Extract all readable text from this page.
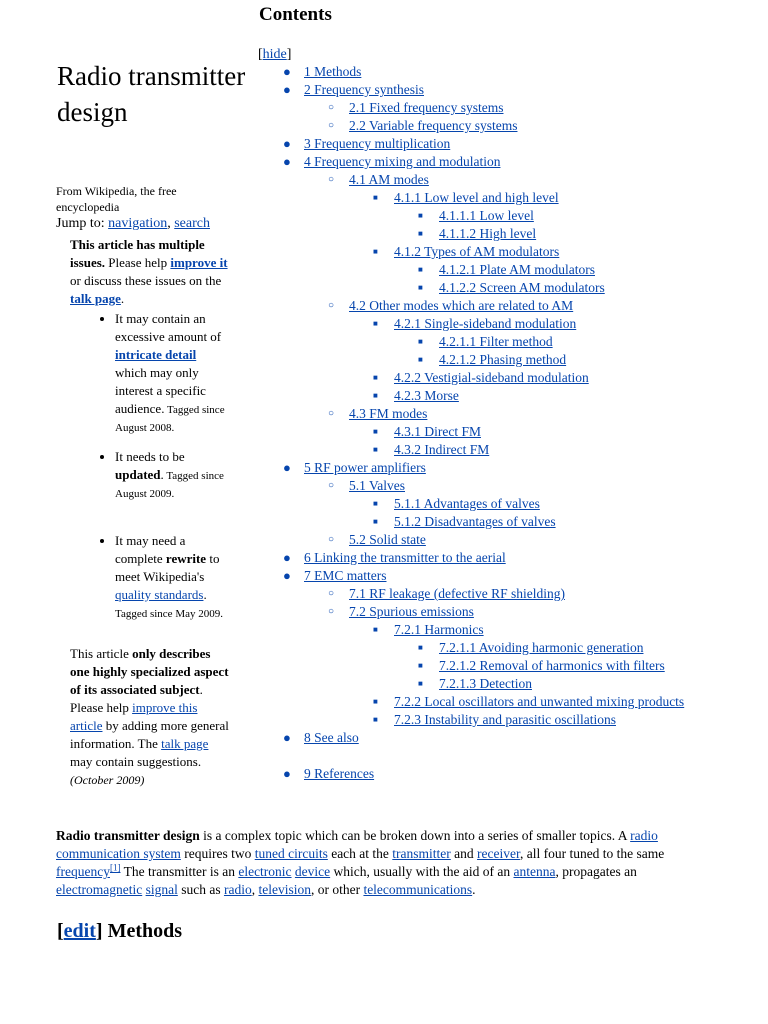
Radio transmitter design
From Wikipedia, the free encyclopedia
Jump to: navigation, search
This article has multiple issues. Please help improve it or discuss these issues on the talk page.
• It may contain an excessive amount of intricate detail which may only interest a specific audience. Tagged since August 2008.
• It needs to be updated. Tagged since August 2009.

• It may need a complete rewrite to meet Wikipedia's quality standards. Tagged since May 2009.
This article only describes one highly specialized aspect of its associated subject. Please help improve this article by adding more general information. The talk page may contain suggestions. (October 2009)
Contents
[hide]
● 1 Methods
● 2 Frequency synthesis
○ 2.1 Fixed frequency systems
○ 2.2 Variable frequency systems
● 3 Frequency multiplication
● 4 Frequency mixing and modulation
○ 4.1 AM modes
■ 4.1.1 Low level and high level
■ 4.1.1.1 Low level
■ 4.1.1.2 High level
■ 4.1.2 Types of AM modulators
■ 4.1.2.1 Plate AM modulators
■ 4.1.2.2 Screen AM modulators
○ 4.2 Other modes which are related to AM
■ 4.2.1 Single-sideband modulation
■ 4.2.1.1 Filter method
■ 4.2.1.2 Phasing method
■ 4.2.2 Vestigial-sideband modulation
■ 4.2.3 Morse
○ 4.3 FM modes
■ 4.3.1 Direct FM
■ 4.3.2 Indirect FM
● 5 RF power amplifiers
○ 5.1 Valves
■ 5.1.1 Advantages of valves
■ 5.1.2 Disadvantages of valves
○ 5.2 Solid state
● 6 Linking the transmitter to the aerial
● 7 EMC matters
○ 7.1 RF leakage (defective RF shielding)
○ 7.2 Spurious emissions
■ 7.2.1 Harmonics
■ 7.2.1.1 Avoiding harmonic generation
■ 7.2.1.2 Removal of harmonics with filters
■ 7.2.1.3 Detection
■ 7.2.2 Local oscillators and unwanted mixing products
■ 7.2.3 Instability and parasitic oscillations
● 8 See also
● 9 References
Radio transmitter design is a complex topic which can be broken down into a series of smaller topics. A radio communication system requires two tuned circuits each at the transmitter and receiver, all four tuned to the same frequency[1] The transmitter is an electronic device which, usually with the aid of an antenna, propagates an electromagnetic signal such as radio, television, or other telecommunications.
[edit] Methods
